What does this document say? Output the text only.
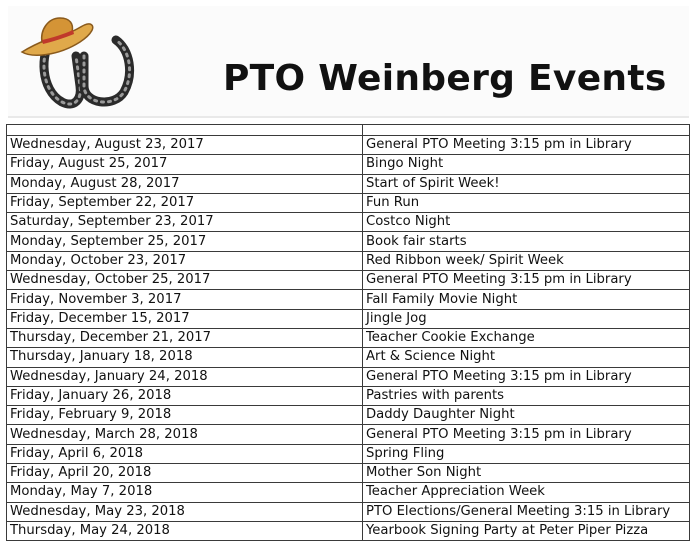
PTO Weinberg Events

Wednesday, August 23, 2017	General PTO Meeting 3:15 pm in Library
Friday, August 25, 2017	Bingo Night
Monday, August 28, 2017	Start of Spirit Week!
Friday, September 22, 2017	Fun Run
Saturday, September 23, 2017	Costco Night
Monday, September 25, 2017	Book fair starts
Monday, October 23, 2017	Red Ribbon week/ Spirit Week
Wednesday, October 25, 2017	General PTO Meeting 3:15 pm in Library
Friday, November 3, 2017	Fall Family Movie Night
Friday, December 15, 2017	Jingle Jog
Thursday, December 21, 2017	Teacher Cookie Exchange
Thursday, January 18, 2018	Art & Science Night
Wednesday, January 24, 2018	General PTO Meeting 3:15 pm in Library
Friday, January 26, 2018	Pastries with parents
Friday, February 9, 2018	Daddy Daughter Night
Wednesday, March 28, 2018	General PTO Meeting 3:15 pm in Library
Friday, April 6, 2018	Spring Fling
Friday, April 20, 2018	Mother Son Night
Monday, May 7, 2018	Teacher Appreciation Week
Wednesday, May 23, 2018	PTO Elections/General Meeting 3:15 in Library
Thursday, May 24, 2018	Yearbook Signing Party at Peter Piper Pizza
